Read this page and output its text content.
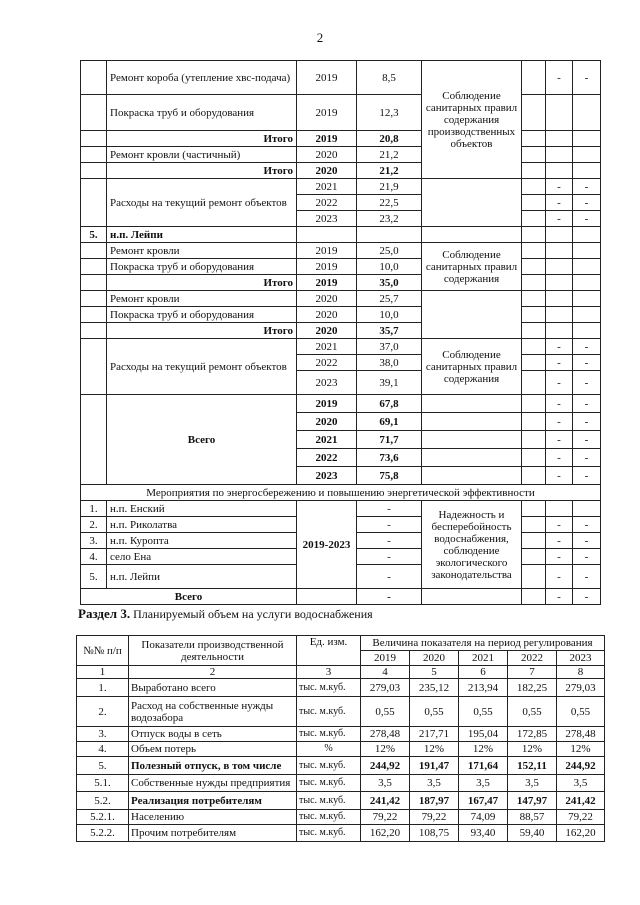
2
	Ремонт короба (утепление хвс-подача)	2019	8,5	Соблюдение санитарных правил содержания производственных объектов		-	-
	Покраска труб и оборудования	2019	12,3				
	Итого	2019	20,8				
	Ремонт кровли (частичный)	2020	21,2				
	Итого	2020	21,2				
	Расходы на текущий ремонт объектов	2021	21,9			-	-
		2022	22,5			-	-
		2023	23,2			-	-
5.	н.п. Лейпи						
	Ремонт кровли	2019	25,0	Соблюдение санитарных правил содержания			
	Покраска труб и оборудования	2019	10,0				
	Итого	2019	35,0				
	Ремонт кровли	2020	25,7				
	Покраска труб и оборудования	2020	10,0				
	Итого	2020	35,7				
	Расходы на текущий ремонт объектов	2021	37,0	Соблюдение санитарных правил содержания		-	-
		2022	38,0			-	-
		2023	39,1			-	-
	Всего	2019	67,8			-	-
		2020	69,1			-	-
		2021	71,7			-	-
		2022	73,6			-	-
		2023	75,8			-	-
Мероприятия по энергосбережению и повышению энергетической эффективности							
1.	н.п. Енский	2019-2023	-	Надежность и бесперебойность водоснабжения, соблюдение экологического законодательства			
2.	н.п. Риколатва		-			-	-
3.	н.п. Куропта		-			-	-
4.	село Ена		-			-	-
5.	н.п. Лейпи		-			-	-
Всего			-			-	-
Раздел 3. Планируемый объем на услуги водоснабжения
№№ п/п	Показатели производственной деятельности	Ед. изм.	Величина показателя на период регулирования				
			2019	2020	2021	2022	2023
1	2	3	4	5	6	7	8
1.	Выработано всего	тыс. м.куб.	279,03	235,12	213,94	182,25	279,03
2.	Расход на собственные нужды водозабора	тыс. м.куб.	0,55	0,55	0,55	0,55	0,55
3.	Отпуск воды в сеть	тыс. м.куб.	278,48	217,71	195,04	172,85	278,48
4.	Объем потерь	%	12%	12%	12%	12%	12%
5.	Полезный отпуск, в том числе	тыс. м.куб.	244,92	191,47	171,64	152,11	244,92
5.1.	Собственные нужды предприятия	тыс. м.куб.	3,5	3,5	3,5	3,5	3,5
5.2.	Реализация потребителям	тыс. м.куб.	241,42	187,97	167,47	147,97	241,42
5.2.1.	Населению	тыс. м.куб.	79,22	79,22	74,09	88,57	79,22
5.2.2.	Прочим потребителям	тыс. м.куб.	162,20	108,75	93,40	59,40	162,20
